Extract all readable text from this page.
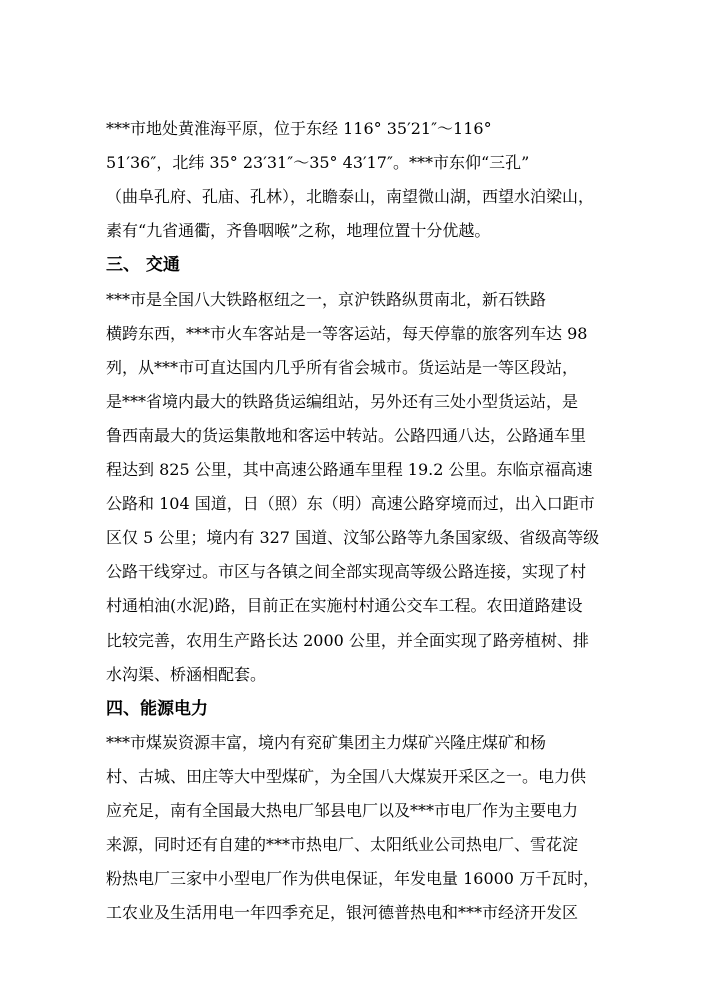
***市地处黄淮海平原，位于东经 116° 35′21″～116°
51′36″，北纬 35° 23′31″～35° 43′17″。***市东仰“三孔”
（曲阜孔府、孔庙、孔林），北瞻泰山，南望微山湖，西望水泊梁山，
素有“九省通衢，齐鲁咽喉”之称，地理位置十分优越。
三、 交通
***市是全国八大铁路枢纽之一，京沪铁路纵贯南北，新石铁路
横跨东西，***市火车客站是一等客运站，每天停靠的旅客列车达 98
列，从***市可直达国内几乎所有省会城市。货运站是一等区段站，
是***省境内最大的铁路货运编组站，另外还有三处小型货运站，是
鲁西南最大的货运集散地和客运中转站。公路四通八达，公路通车里
程达到 825 公里，其中高速公路通车里程 19.2 公里。东临京福高速
公路和 104 国道，日（照）东（明）高速公路穿境而过，出入口距市
区仅 5 公里；境内有 327 国道、汶邹公路等九条国家级、省级高等级
公路干线穿过。市区与各镇之间全部实现高等级公路连接，实现了村
村通柏油(水泥)路，目前正在实施村村通公交车工程。农田道路建设
比较完善，农用生产路长达 2000 公里，并全面实现了路旁植树、排
水沟渠、桥涵相配套。
四、能源电力
***市煤炭资源丰富，境内有兖矿集团主力煤矿兴隆庄煤矿和杨
村、古城、田庄等大中型煤矿，为全国八大煤炭开采区之一。电力供
应充足，南有全国最大热电厂邹县电厂以及***市电厂作为主要电力
来源，同时还有自建的***市热电厂、太阳纸业公司热电厂、雪花淀
粉热电厂三家中小型电厂作为供电保证，年发电量 16000 万千瓦时，
工农业及生活用电一年四季充足，银河德普热电和***市经济开发区
